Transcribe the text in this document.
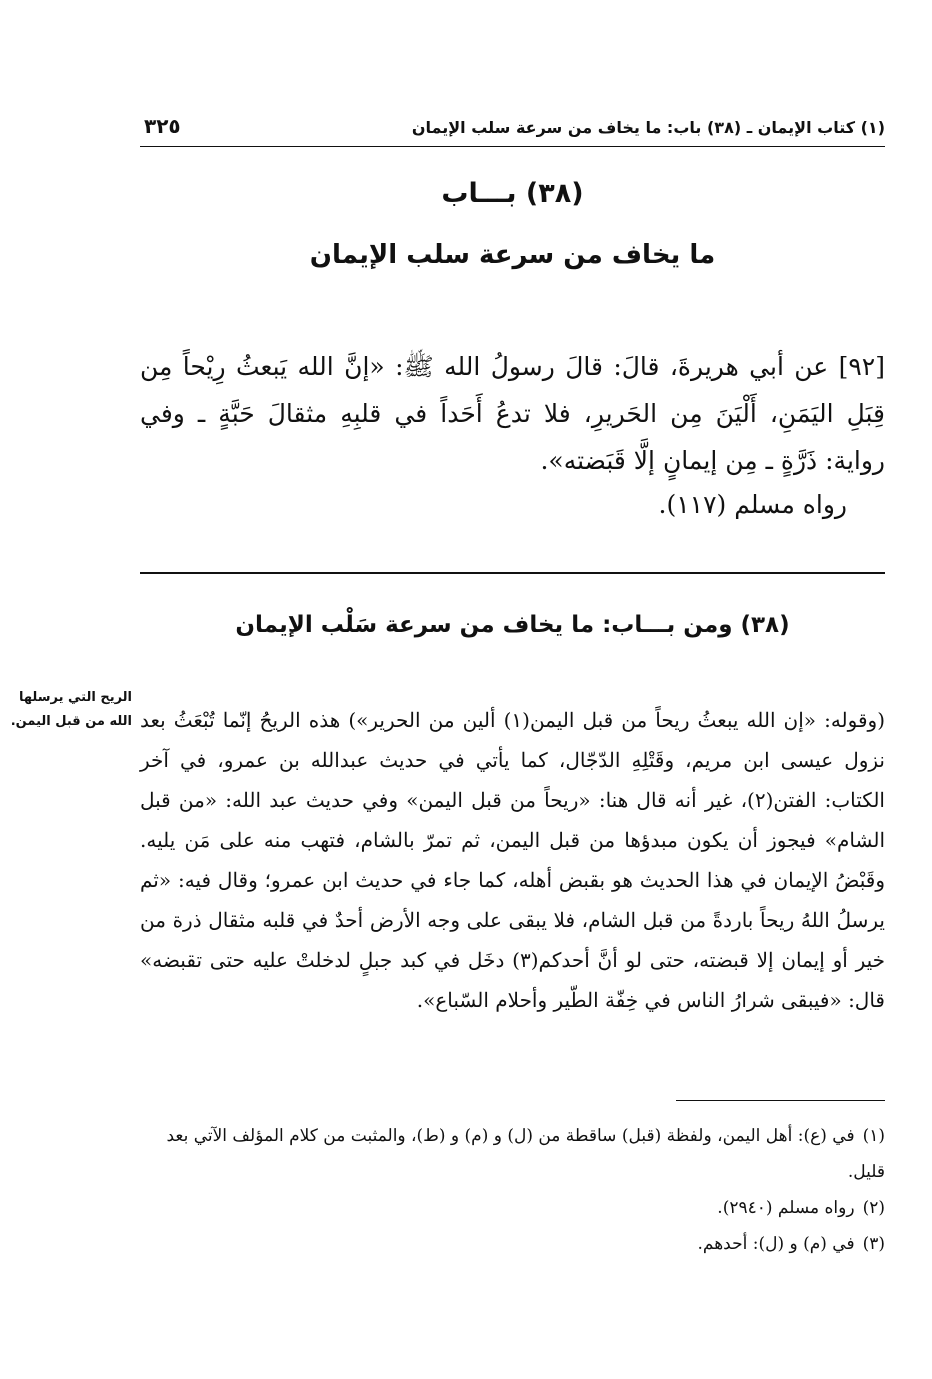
(١) كتاب الإيمان ـ (٣٨) باب: ما يخاف من سرعة سلب الإيمان
٣٢٥
(٣٨) بـــاب
ما يخاف من سرعة سلب الإيمان

[٩٢] عن أبي هريرةَ، قالَ: قالَ رسولُ الله ﷺ: «إنَّ الله يَبعثُ رِيْحاً مِن قِبَلِ اليَمَنِ، أَلْيَنَ مِن الحَريرِ، فلا تدعُ أَحَداً في قلبِهِ مثقالَ حَبَّةٍ ـ وفي رواية: ذَرَّةٍ ـ مِن إيمانٍ إلَّا قَبَضته».

رواه مسلم (١١٧).
(٣٨) ومن بـــاب: ما يخاف من سرعة سَلْب الإيمان
الريح التي يرسلها الله من قبل اليمن. (وقوله: «إن الله يبعثُ ريحاً من قبل اليمن(١) ألين من الحرير») هذه الريحُ إنّما تُبْعَثُ بعد نزول عيسى ابن مريم، وقَتْلِهِ الدّجّال، كما يأتي في حديث عبدالله بن عمرو، في آخر الكتاب: الفتن(٢)، غير أنه قال هنا: «ريحاً من قبل اليمن» وفي حديث عبد الله: «من قبل الشام» فيجوز أن يكون مبدؤها من قبل اليمن، ثم تمرّ بالشام، فتهب منه على مَن يليه. وقَبْضُ الإيمان في هذا الحديث هو بقبض أهله، كما جاء في حديث ابن عمرو؛ وقال فيه: «ثم يرسلُ اللهُ ريحاً باردةً من قبل الشام، فلا يبقى على وجه الأرض أحدٌ في قلبه مثقال ذرة من خير أو إيمان إلا قبضته، حتى لو أنَّ أحدكم(٣) دخَل في كبد جبلٍ لدخلتْ عليه حتى تقبضه» قال: «فيبقى شرارُ الناس في خِفّة الطّير وأحلام السّباع».

(١)في (ع): أهل اليمن، ولفظة (قبل) ساقطة من (ل) و (م) و (ط)، والمثبت من كلام المؤلف الآتي بعد قليل.

(٢)رواه مسلم (٢٩٤٠).

(٣)في (م) و (ل): أحدهم.
